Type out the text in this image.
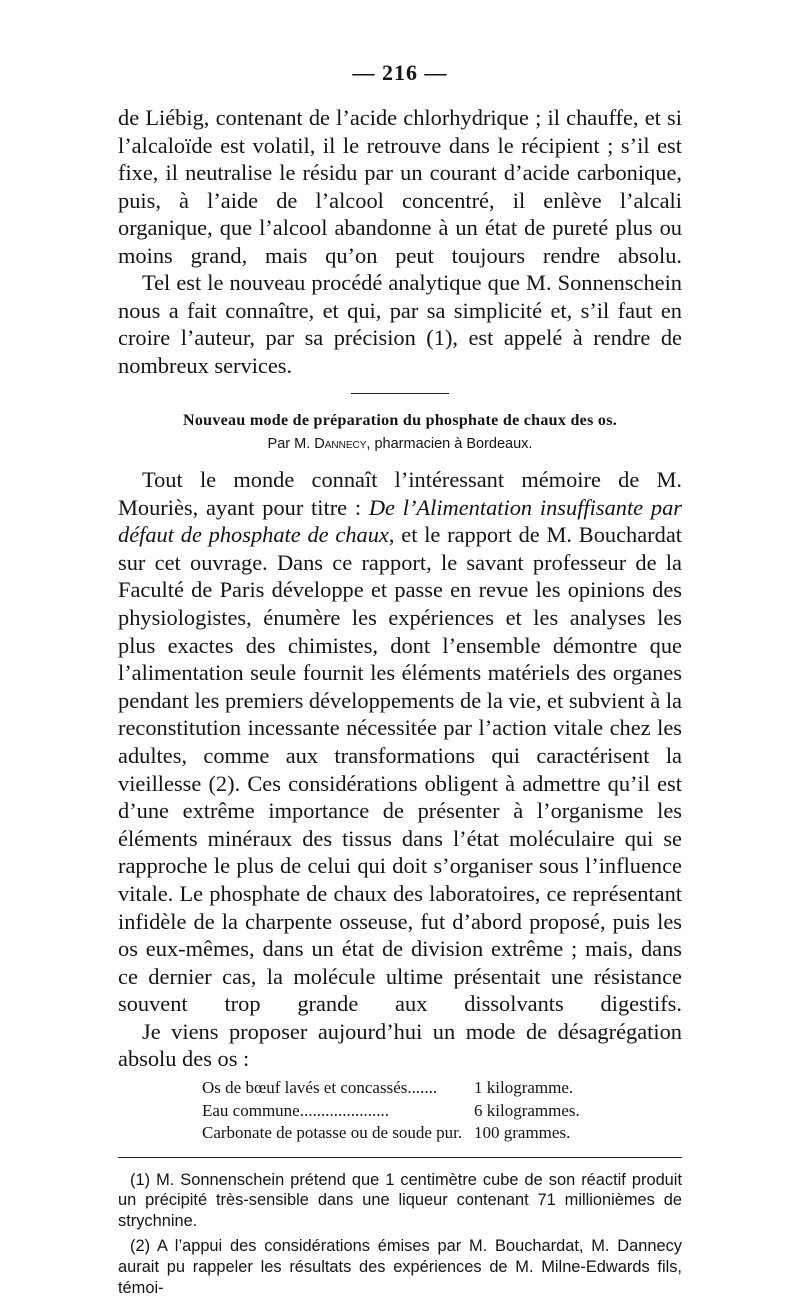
— 216 —

de Liébig, contenant de l’acide chlorhydrique ; il chauffe, et si l’alcaloïde est volatil, il le retrouve dans le récipient ; s’il est fixe, il neutralise le résidu par un courant d’acide carbonique, puis, à l’aide de l’alcool concentré, il enlève l’alcali organique, que l’alcool abandonne à un état de pureté plus ou moins grand, mais qu’on peut toujours rendre absolu.

Tel est le nouveau procédé analytique que M. Sonnenschein nous a fait connaître, et qui, par sa simplicité et, s’il faut en croire l’auteur, par sa précision (1), est appelé à rendre de nombreux services.

Nouveau mode de préparation du phosphate de chaux des os.
Par M. Dannecy, pharmacien à Bordeaux.

Tout le monde connaît l’intéressant mémoire de M. Mouriès, ayant pour titre : De l’Alimentation insuffisante par défaut de phosphate de chaux, et le rapport de M. Bouchardat sur cet ouvrage. Dans ce rapport, le savant professeur de la Faculté de Paris développe et passe en revue les opinions des physiologistes, énumère les expériences et les analyses les plus exactes des chimistes, dont l’ensemble démontre que l’alimentation seule fournit les éléments matériels des organes pendant les premiers développements de la vie, et subvient à la reconstitution incessante nécessitée par l’action vitale chez les adultes, comme aux transformations qui caractérisent la vieillesse (2). Ces considérations obligent à admettre qu’il est d’une extrême importance de présenter à l’organisme les éléments minéraux des tissus dans l’état moléculaire qui se rapproche le plus de celui qui doit s’organiser sous l’influence vitale. Le phosphate de chaux des laboratoires, ce représentant infidèle de la charpente osseuse, fut d’abord proposé, puis les os eux-mêmes, dans un état de division extrême ; mais, dans ce dernier cas, la molécule ultime présentait une résistance souvent trop grande aux dissolvants digestifs.

Je viens proposer aujourd’hui un mode de désagrégation absolu des os :

Os de bœuf lavés et concassés.......	1 kilogramme.
Eau commune.....................	6 kilogrammes.
Carbonate de potasse ou de soude pur. 100 grammes.

(1) M. Sonnenschein prétend que 1 centimètre cube de son réactif produit un précipité très-sensible dans une liqueur contenant 71 millionièmes de strychnine.

(2) A l’appui des considérations émises par M. Bouchardat, M. Dannecy aurait pu rappeler les résultats des expériences de M. Milne-Edwards fils, témoi-
